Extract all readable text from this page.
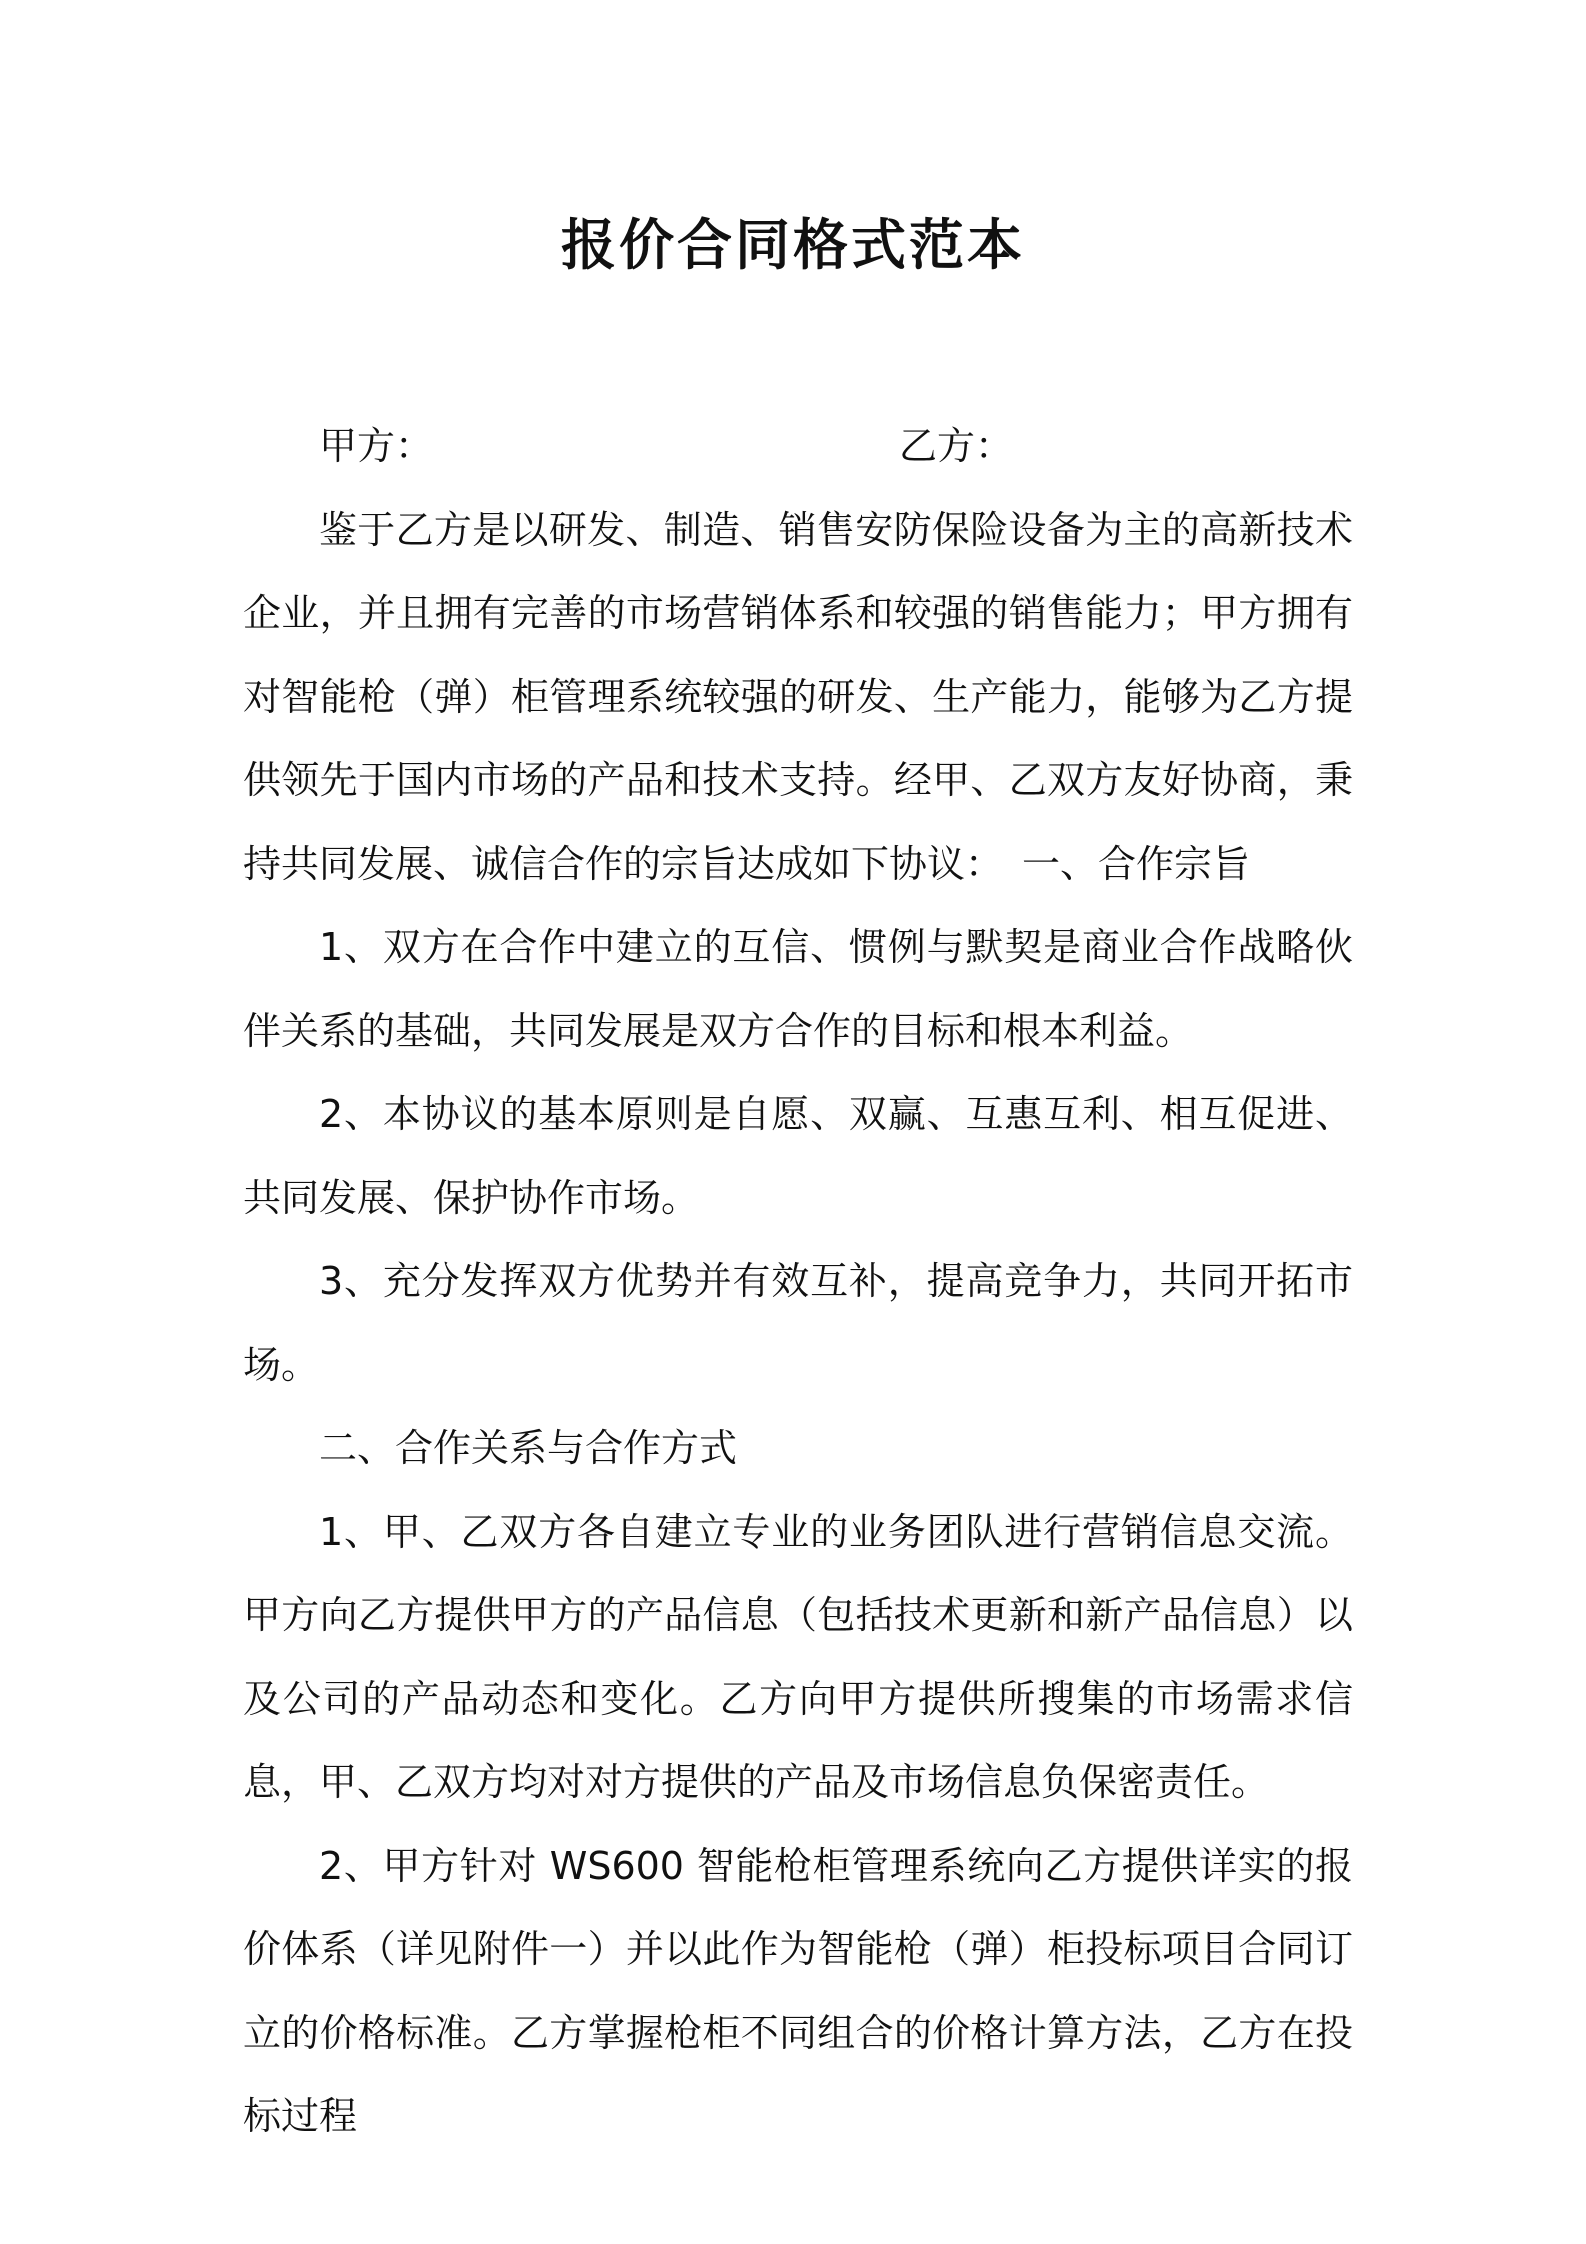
报价合同格式范本
甲方：	乙方：

鉴于乙方是以研发、制造、销售安防保险设备为主的高新技术企业，并且拥有完善的市场营销体系和较强的销售能力；甲方拥有对智能枪（弹）柜管理系统较强的研发、生产能力，能够为乙方提供领先于国内市场的产品和技术支持。经甲、乙双方友好协商，秉持共同发展、诚信合作的宗旨达成如下协议：　一、合作宗旨

1、双方在合作中建立的互信、惯例与默契是商业合作战略伙伴关系的基础，共同发展是双方合作的目标和根本利益。

2、本协议的基本原则是自愿、双赢、互惠互利、相互促进、共同发展、保护协作市场。

3、充分发挥双方优势并有效互补，提高竞争力，共同开拓市场。

二、合作关系与合作方式

1、甲、乙双方各自建立专业的业务团队进行营销信息交流。甲方向乙方提供甲方的产品信息（包括技术更新和新产品信息）以及公司的产品动态和变化。乙方向甲方提供所搜集的市场需求信息，甲、乙双方均对对方提供的产品及市场信息负保密责任。

2、甲方针对 WS600 智能枪柜管理系统向乙方提供详实的报价体系（详见附件一）并以此作为智能枪（弹）柜投标项目合同订立的价格标准。乙方掌握枪柜不同组合的价格计算方法，乙方在投标过程
